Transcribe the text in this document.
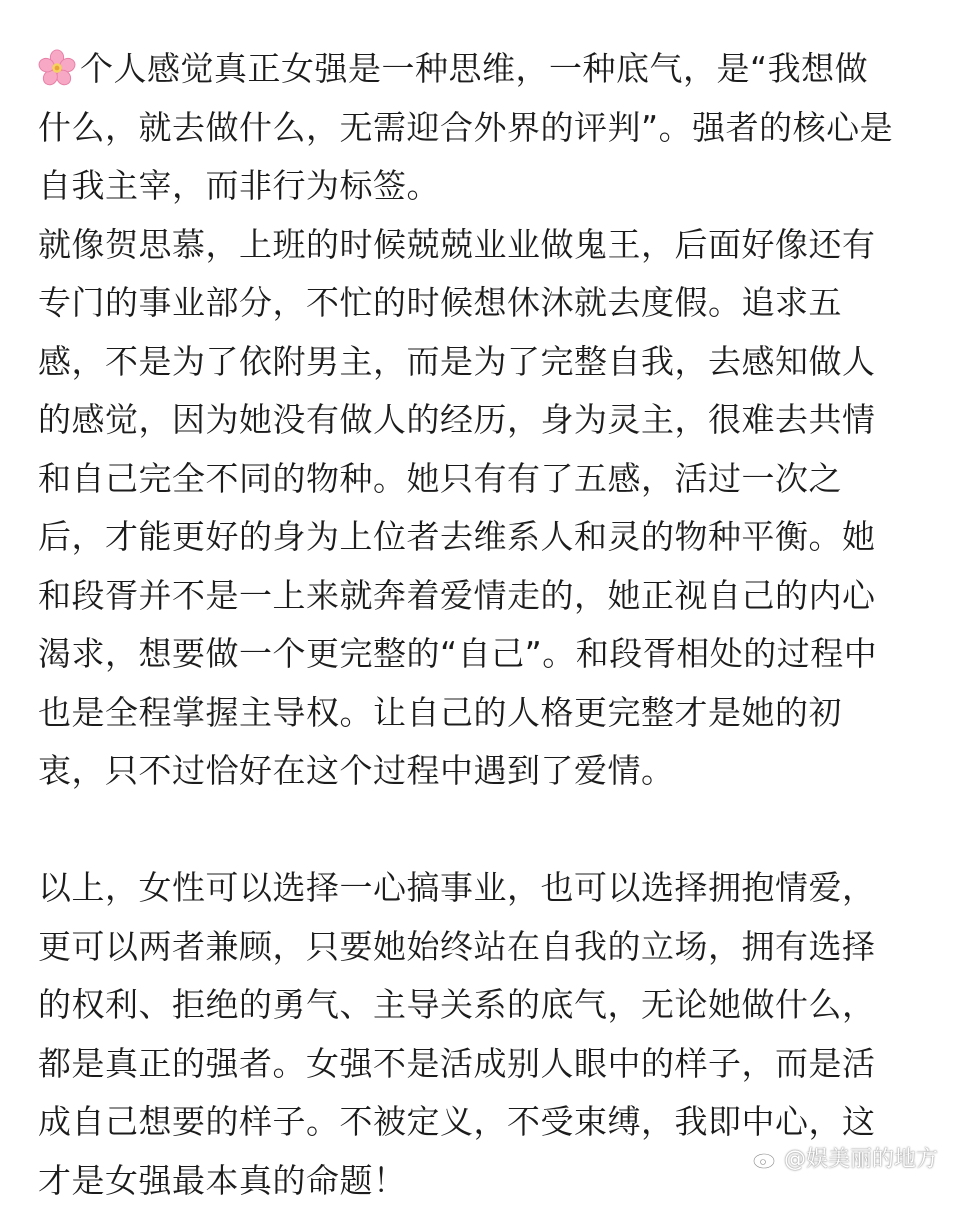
个人感觉真正女强是一种思维，一种底气，是“我想做
什么，就去做什么，无需迎合外界的评判”。强者的核心是
自我主宰，而非行为标签。
就像贺思慕，上班的时候兢兢业业做鬼王，后面好像还有
专门的事业部分，不忙的时候想休沐就去度假。追求五
感，不是为了依附男主，而是为了完整自我，去感知做人
的感觉，因为她没有做人的经历，身为灵主，很难去共情
和自己完全不同的物种。她只有有了五感，活过一次之
后，才能更好的身为上位者去维系人和灵的物种平衡。她
和段胥并不是一上来就奔着爱情走的，她正视自己的内心
渴求，想要做一个更完整的“自己”。和段胥相处的过程中
也是全程掌握主导权。让自己的人格更完整才是她的初
衷，只不过恰好在这个过程中遇到了爱情。
以上，女性可以选择一心搞事业，也可以选择拥抱情爱，
更可以两者兼顾，只要她始终站在自我的立场，拥有选择
的权利、拒绝的勇气、主导关系的底气，无论她做什么，
都是真正的强者。女强不是活成别人眼中的样子，而是活
成自己想要的样子。不被定义，不受束缚，我即中心，这
才是女强最本真的命题！
@娱美丽的地方
